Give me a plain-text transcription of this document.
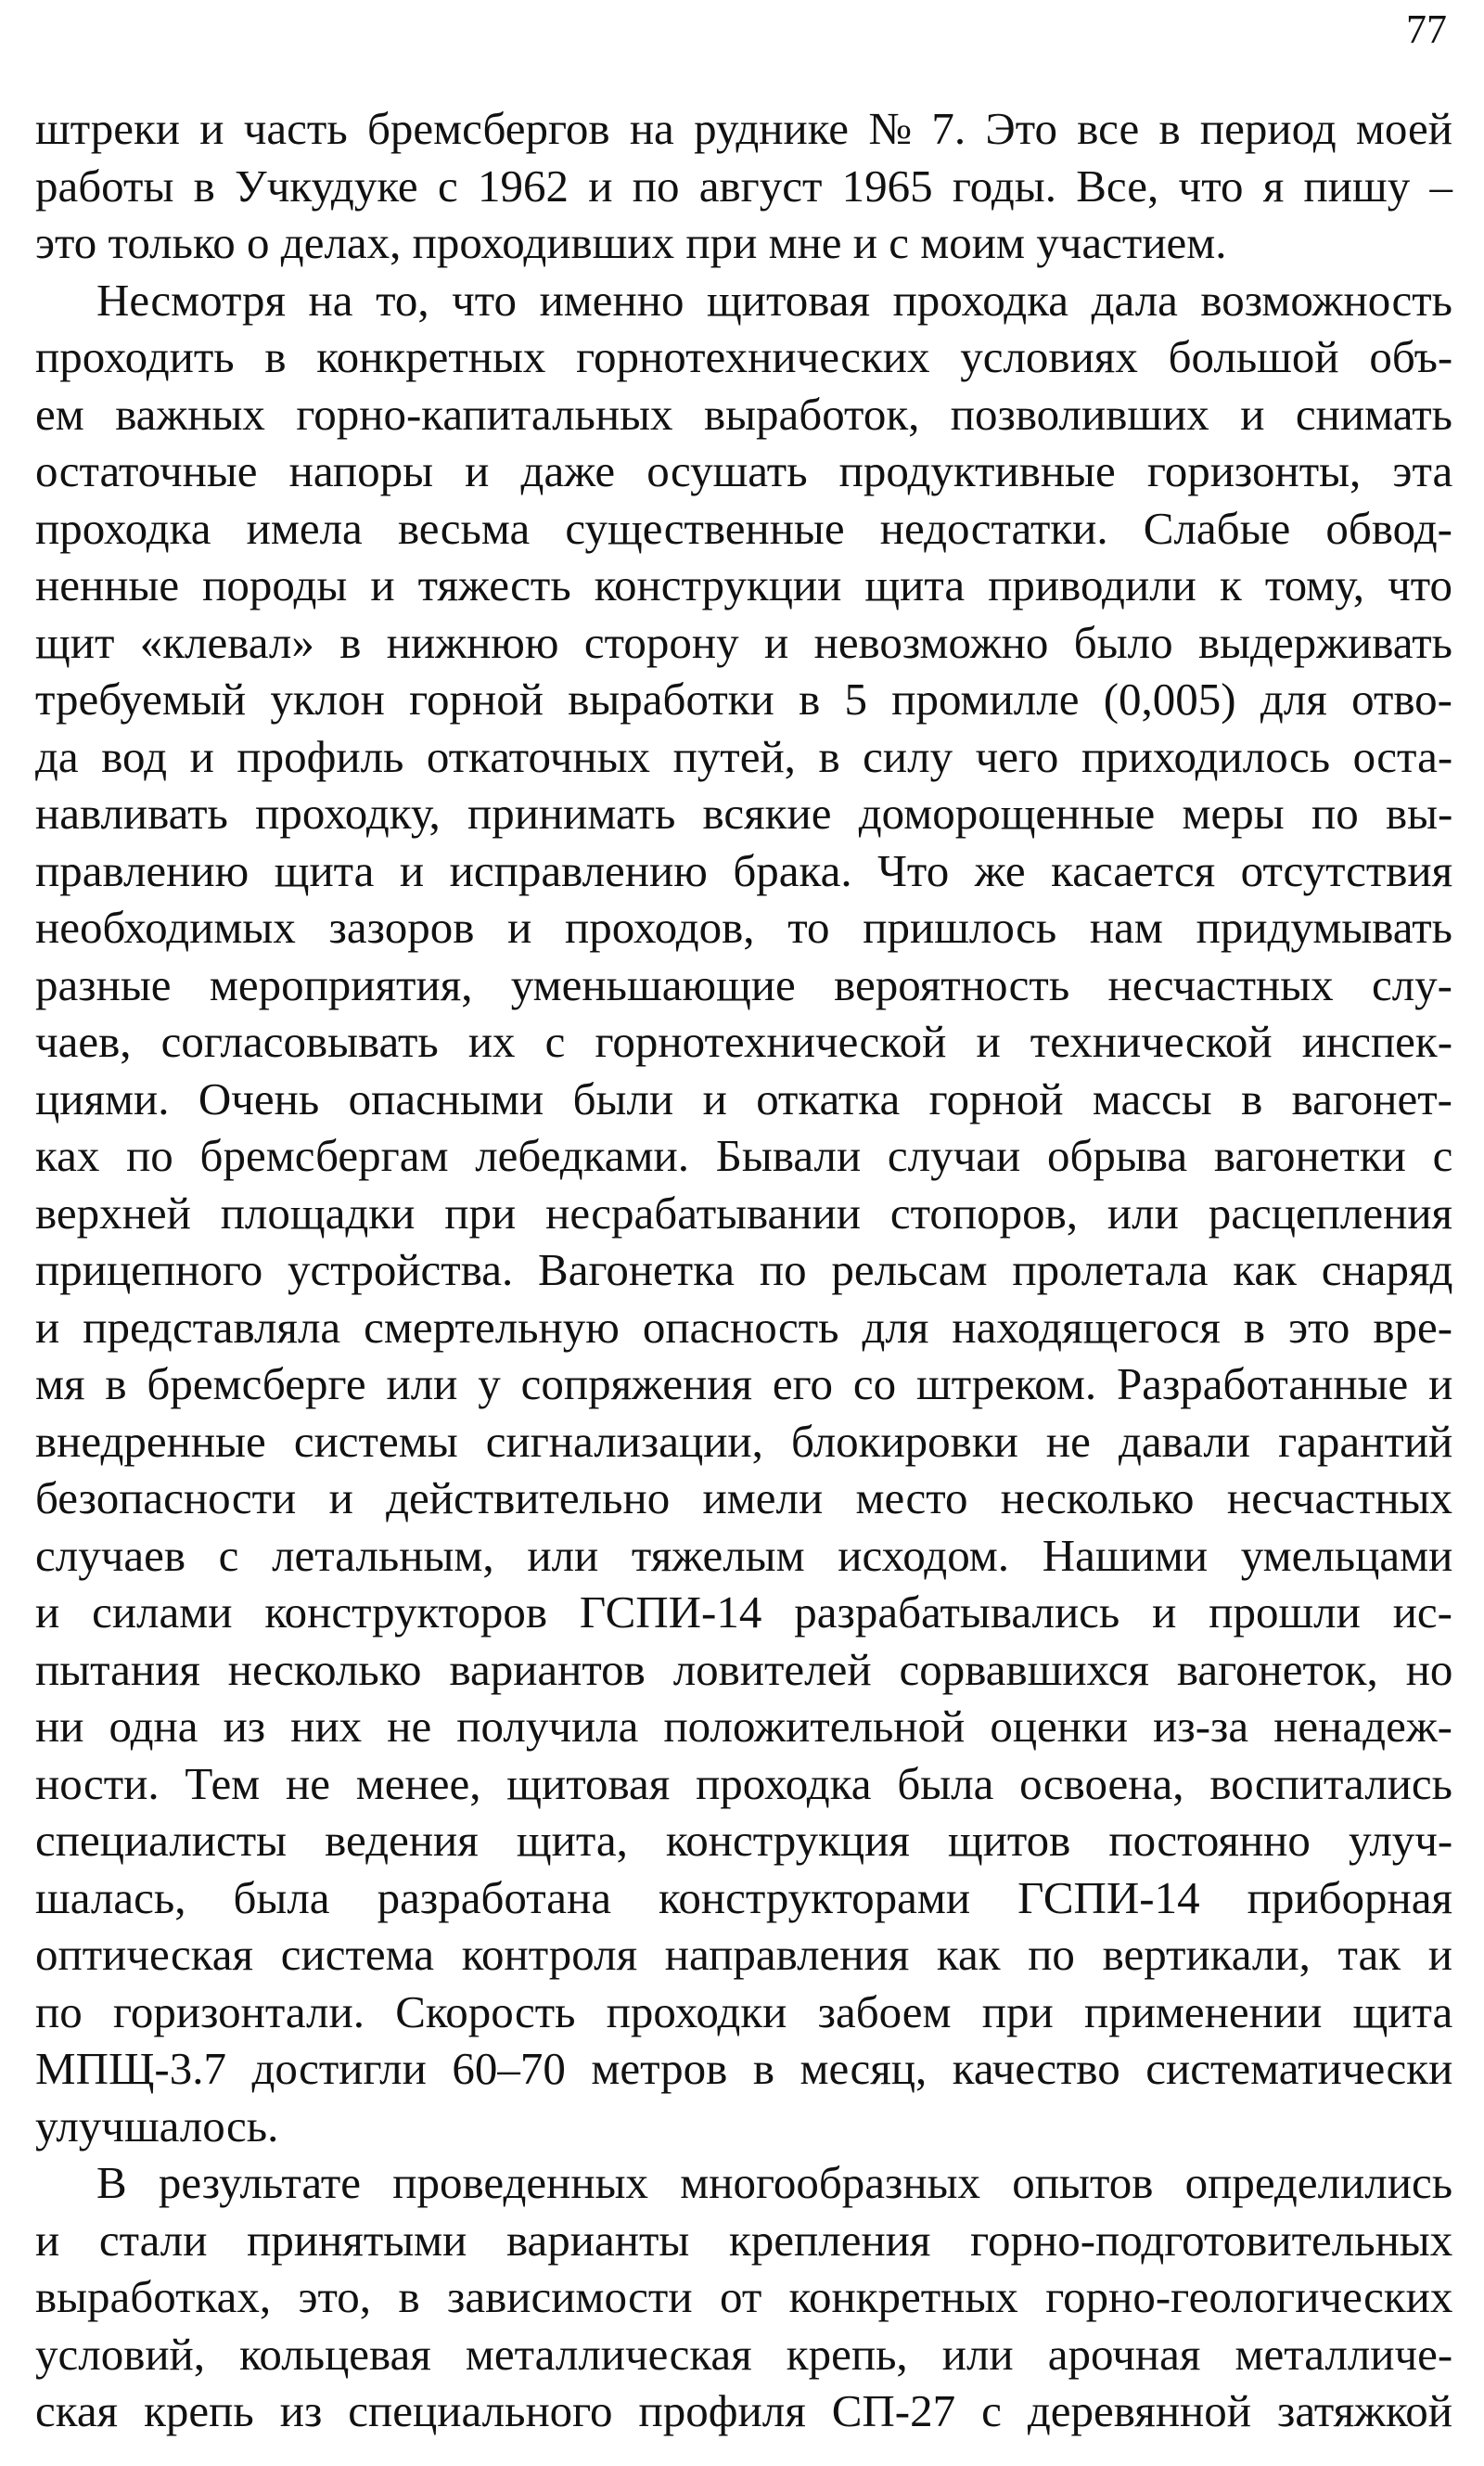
77
штреки и часть бремсбергов на руднике № 7. Это все в период моей
работы в Учкудуке с 1962 и по август 1965 годы. Все, что я пишу –
это только о делах, проходивших при мне и с моим участием.
Несмотря на то, что именно щитовая проходка дала возможность
проходить в конкретных горнотехнических условиях большой объ-
ем важных горно-капитальных выработок, позволивших и снимать
остаточные напоры и даже осушать продуктивные горизонты, эта
проходка имела весьма существенные недостатки. Слабые обвод-
ненные породы и тяжесть конструкции щита приводили к тому, что
щит «клевал» в нижнюю сторону и невозможно было выдерживать
требуемый уклон горной выработки в 5 промилле (0,005) для отво-
да вод и профиль откаточных путей, в силу чего приходилось оста-
навливать проходку, принимать всякие доморощенные меры по вы-
правлению щита и исправлению брака. Что же касается отсутствия
необходимых зазоров и проходов, то пришлось нам придумывать
разные мероприятия, уменьшающие вероятность несчастных слу-
чаев, согласовывать их с горнотехнической и технической инспек-
циями. Очень опасными были и откатка горной массы в вагонет-
ках по бремсбергам лебедками. Бывали случаи обрыва вагонетки с
верхней площадки при несрабатывании стопоров, или расцепления
прицепного устройства. Вагонетка по рельсам пролетала как снаряд
и представляла смертельную опасность для находящегося в это вре-
мя в бремсберге или у сопряжения его со штреком. Разработанные и
внедренные системы сигнализации, блокировки не давали гарантий
безопасности и действительно имели место несколько несчастных
случаев с летальным, или тяжелым исходом. Нашими умельцами
и силами конструкторов ГСПИ-14 разрабатывались и прошли ис-
пытания несколько вариантов ловителей сорвавшихся вагонеток, но
ни одна из них не получила положительной оценки из-за ненадеж-
ности. Тем не менее, щитовая проходка была освоена, воспитались
специалисты ведения щита, конструкция щитов постоянно улуч-
шалась, была разработана конструкторами ГСПИ-14 приборная
оптическая система контроля направления как по вертикали, так и
по горизонтали. Скорость проходки забоем при применении щита
МПЩ-3.7 достигли 60–70 метров в месяц, качество систематически
улучшалось.
В результате проведенных многообразных опытов определились
и стали принятыми варианты крепления горно-подготовительных
выработках, это, в зависимости от конкретных горно-геологических
условий, кольцевая металлическая крепь, или арочная металличе-
ская крепь из специального профиля СП-27 с деревянной затяжкой
